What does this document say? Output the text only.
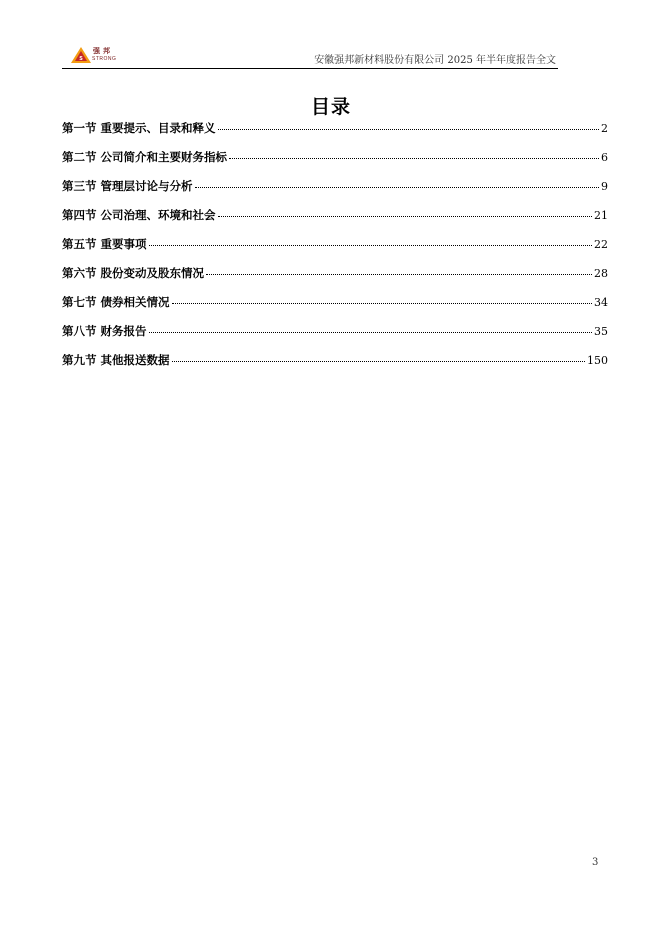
S
强邦
STRONG	安徽强邦新材料股份有限公司 2025 年半年度报告全文
目录
第一节 重要提示、目录和释义	2
第二节 公司简介和主要财务指标	6
第三节 管理层讨论与分析	9
第四节 公司治理、环境和社会	21
第五节 重要事项	22
第六节 股份变动及股东情况	28
第七节 债券相关情况	34
第八节 财务报告	35
第九节 其他报送数据	150
3
